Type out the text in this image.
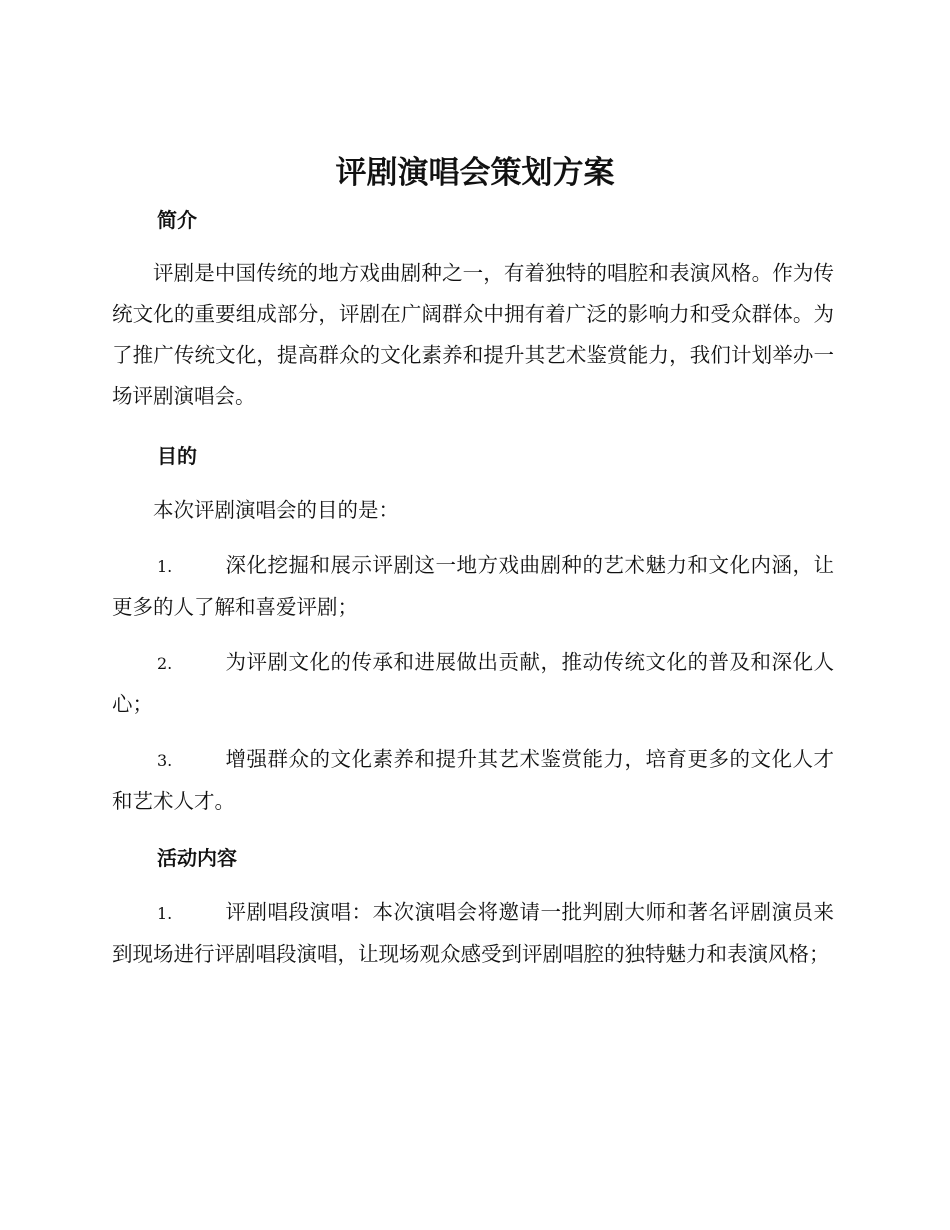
评剧演唱会策划方案
简介

评剧是中国传统的地方戏曲剧种之一，有着独特的唱腔和表演风格。作为传统文化的重要组成部分，评剧在广阔群众中拥有着广泛的影响力和受众群体。为了推广传统文化，提高群众的文化素养和提升其艺术鉴赏能力，我们计划举办一场评剧演唱会。

目的

本次评剧演唱会的目的是：

1.	深化挖掘和展示评剧这一地方戏曲剧种的艺术魅力和文化内涵，让更多的人了解和喜爱评剧；

2.	为评剧文化的传承和进展做出贡献，推动传统文化的普及和深化人心；

3.	增强群众的文化素养和提升其艺术鉴赏能力，培育更多的文化人才和艺术人才。

活动内容

1.	评剧唱段演唱：本次演唱会将邀请一批判剧大师和著名评剧演员来到现场进行评剧唱段演唱，让现场观众感受到评剧唱腔的独特魅力和表演风格；
